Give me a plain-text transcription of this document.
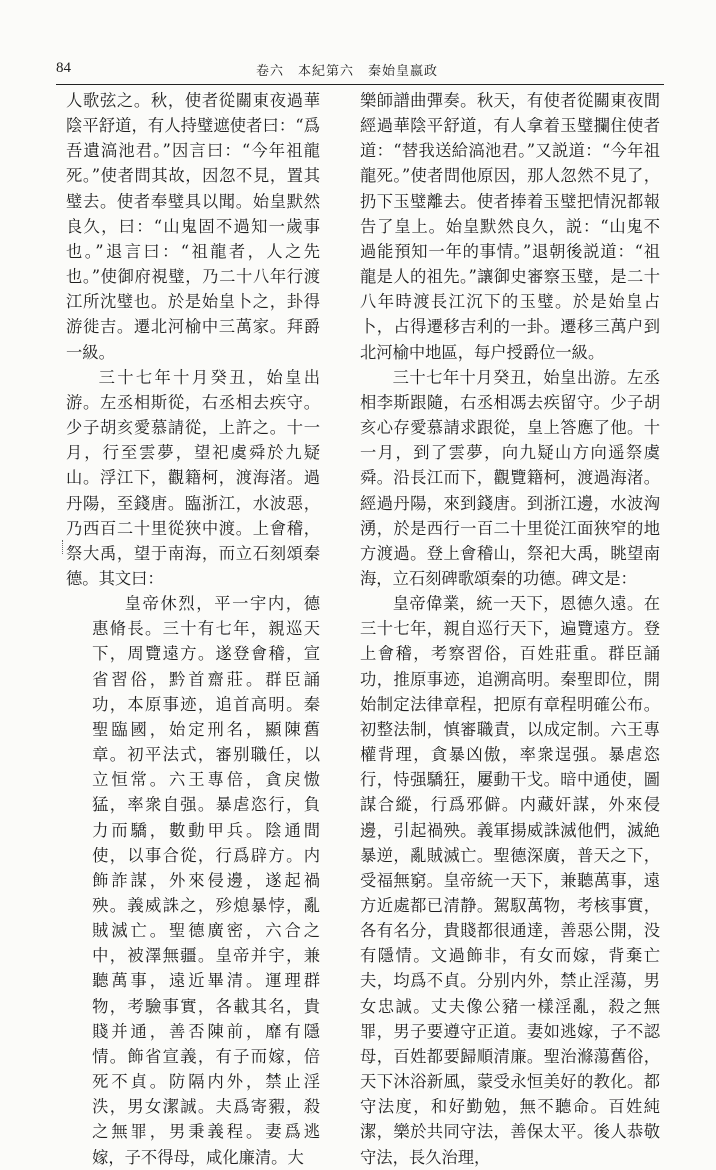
84	卷六　本紀第六　秦始皇嬴政

人歌弦之。秋，使者從關東夜過華陰平舒道，有人持璧遮使者曰：“爲吾遺滈池君。”因言曰：“今年祖龍死。”使者問其故，因忽不見，置其璧去。使者奉璧具以聞。始皇默然良久，曰：“山鬼固不過知一歲事也。”退言曰：“祖龍者，人之先也。”使御府視璧，乃二十八年行渡江所沈璧也。於是始皇卜之，卦得游徙吉。遷北河榆中三萬家。拜爵一級。

三十七年十月癸丑，始皇出游。左丞相斯從，右丞相去疾守。少子胡亥愛慕請從，上許之。十一月，行至雲夢，望祀虞舜於九疑山。浮江下，觀籍柯，渡海渚。過丹陽，至錢唐。臨浙江，水波惡，乃西百二十里從狹中渡。上會稽，祭大禹，望于南海，而立石刻頌秦德。其文曰：

皇帝休烈，平一宇内，德惠脩長。三十有七年，親巡天下，周覽遠方。遂登會稽，宣省習俗，黔首齋莊。群臣誦功，本原事迹，追首高明。秦聖臨國，始定刑名，顯陳舊章。初平法式，審别職任，以立恒常。六王專倍，貪戾慠猛，率衆自强。暴虐恣行，負力而驕，數動甲兵。陰通間使，以事合從，行爲辟方。内飾詐謀，外來侵邊，遂起禍殃。義威誅之，殄熄暴悖，亂賊滅亡。聖德廣密，六合之中，被澤無疆。皇帝并宇，兼聽萬事，遠近畢清。運理群物，考驗事實，各載其名，貴賤并通，善否陳前，靡有隱情。飾省宣義，有子而嫁，倍死不貞。防隔内外，禁止淫泆，男女潔誠。夫爲寄豭，殺之無罪，男秉義程。妻爲逃嫁，子不得母，咸化廉清。大

樂師譜曲彈奏。秋天，有使者從關東夜間經過華陰平舒道，有人拿着玉璧攔住使者道：“替我送給滈池君。”又説道：“今年祖龍死。”使者問他原因，那人忽然不見了，扔下玉璧離去。使者捧着玉璧把情況都報告了皇上。始皇默然良久，説：“山鬼不過能預知一年的事情。”退朝後説道：“祖龍是人的祖先。”讓御史審察玉璧，是二十八年時渡長江沉下的玉璧。於是始皇占卜，占得遷移吉利的一卦。遷移三萬户到北河榆中地區，每户授爵位一級。

三十七年十月癸丑，始皇出游。左丞相李斯跟隨，右丞相馮去疾留守。少子胡亥心存愛慕請求跟從，皇上答應了他。十一月，到了雲夢，向九疑山方向遥祭虞舜。沿長江而下，觀覽籍柯，渡過海渚。經過丹陽，來到錢唐。到浙江邊，水波洶湧，於是西行一百二十里從江面狹窄的地方渡過。登上會稽山，祭祀大禹，眺望南海，立石刻碑歌頌秦的功德。碑文是：

皇帝偉業，統一天下，恩德久遠。在三十七年，親自巡行天下，遍覽遠方。登上會稽，考察習俗，百姓莊重。群臣誦功，推原事迹，追溯高明。秦聖即位，開始制定法律章程，把原有章程明確公布。初整法制，慎審職責，以成定制。六王專權背理，貪暴凶傲，率衆逞强。暴虐恣行，恃强驕狂，屢動干戈。暗中通使，圖謀合縱，行爲邪僻。内藏奸謀，外來侵邊，引起禍殃。義軍揚威誅滅他們，滅絶暴逆，亂賊滅亡。聖德深廣，普天之下，受福無窮。皇帝統一天下，兼聽萬事，遠方近處都已清静。駕馭萬物，考核事實，各有名分，貴賤都很通達，善惡公開，没有隱情。文過飾非，有女而嫁，背棄亡夫，均爲不貞。分别内外，禁止淫蕩，男女忠誠。丈夫像公豬一樣淫亂，殺之無罪，男子要遵守正道。妻如逃嫁，子不認母，百姓都要歸順清廉。聖治滌蕩舊俗，天下沐浴新風，蒙受永恒美好的教化。都守法度，和好勤勉，無不聽命。百姓純潔，樂於共同守法，善保太平。後人恭敬守法，長久治理，
